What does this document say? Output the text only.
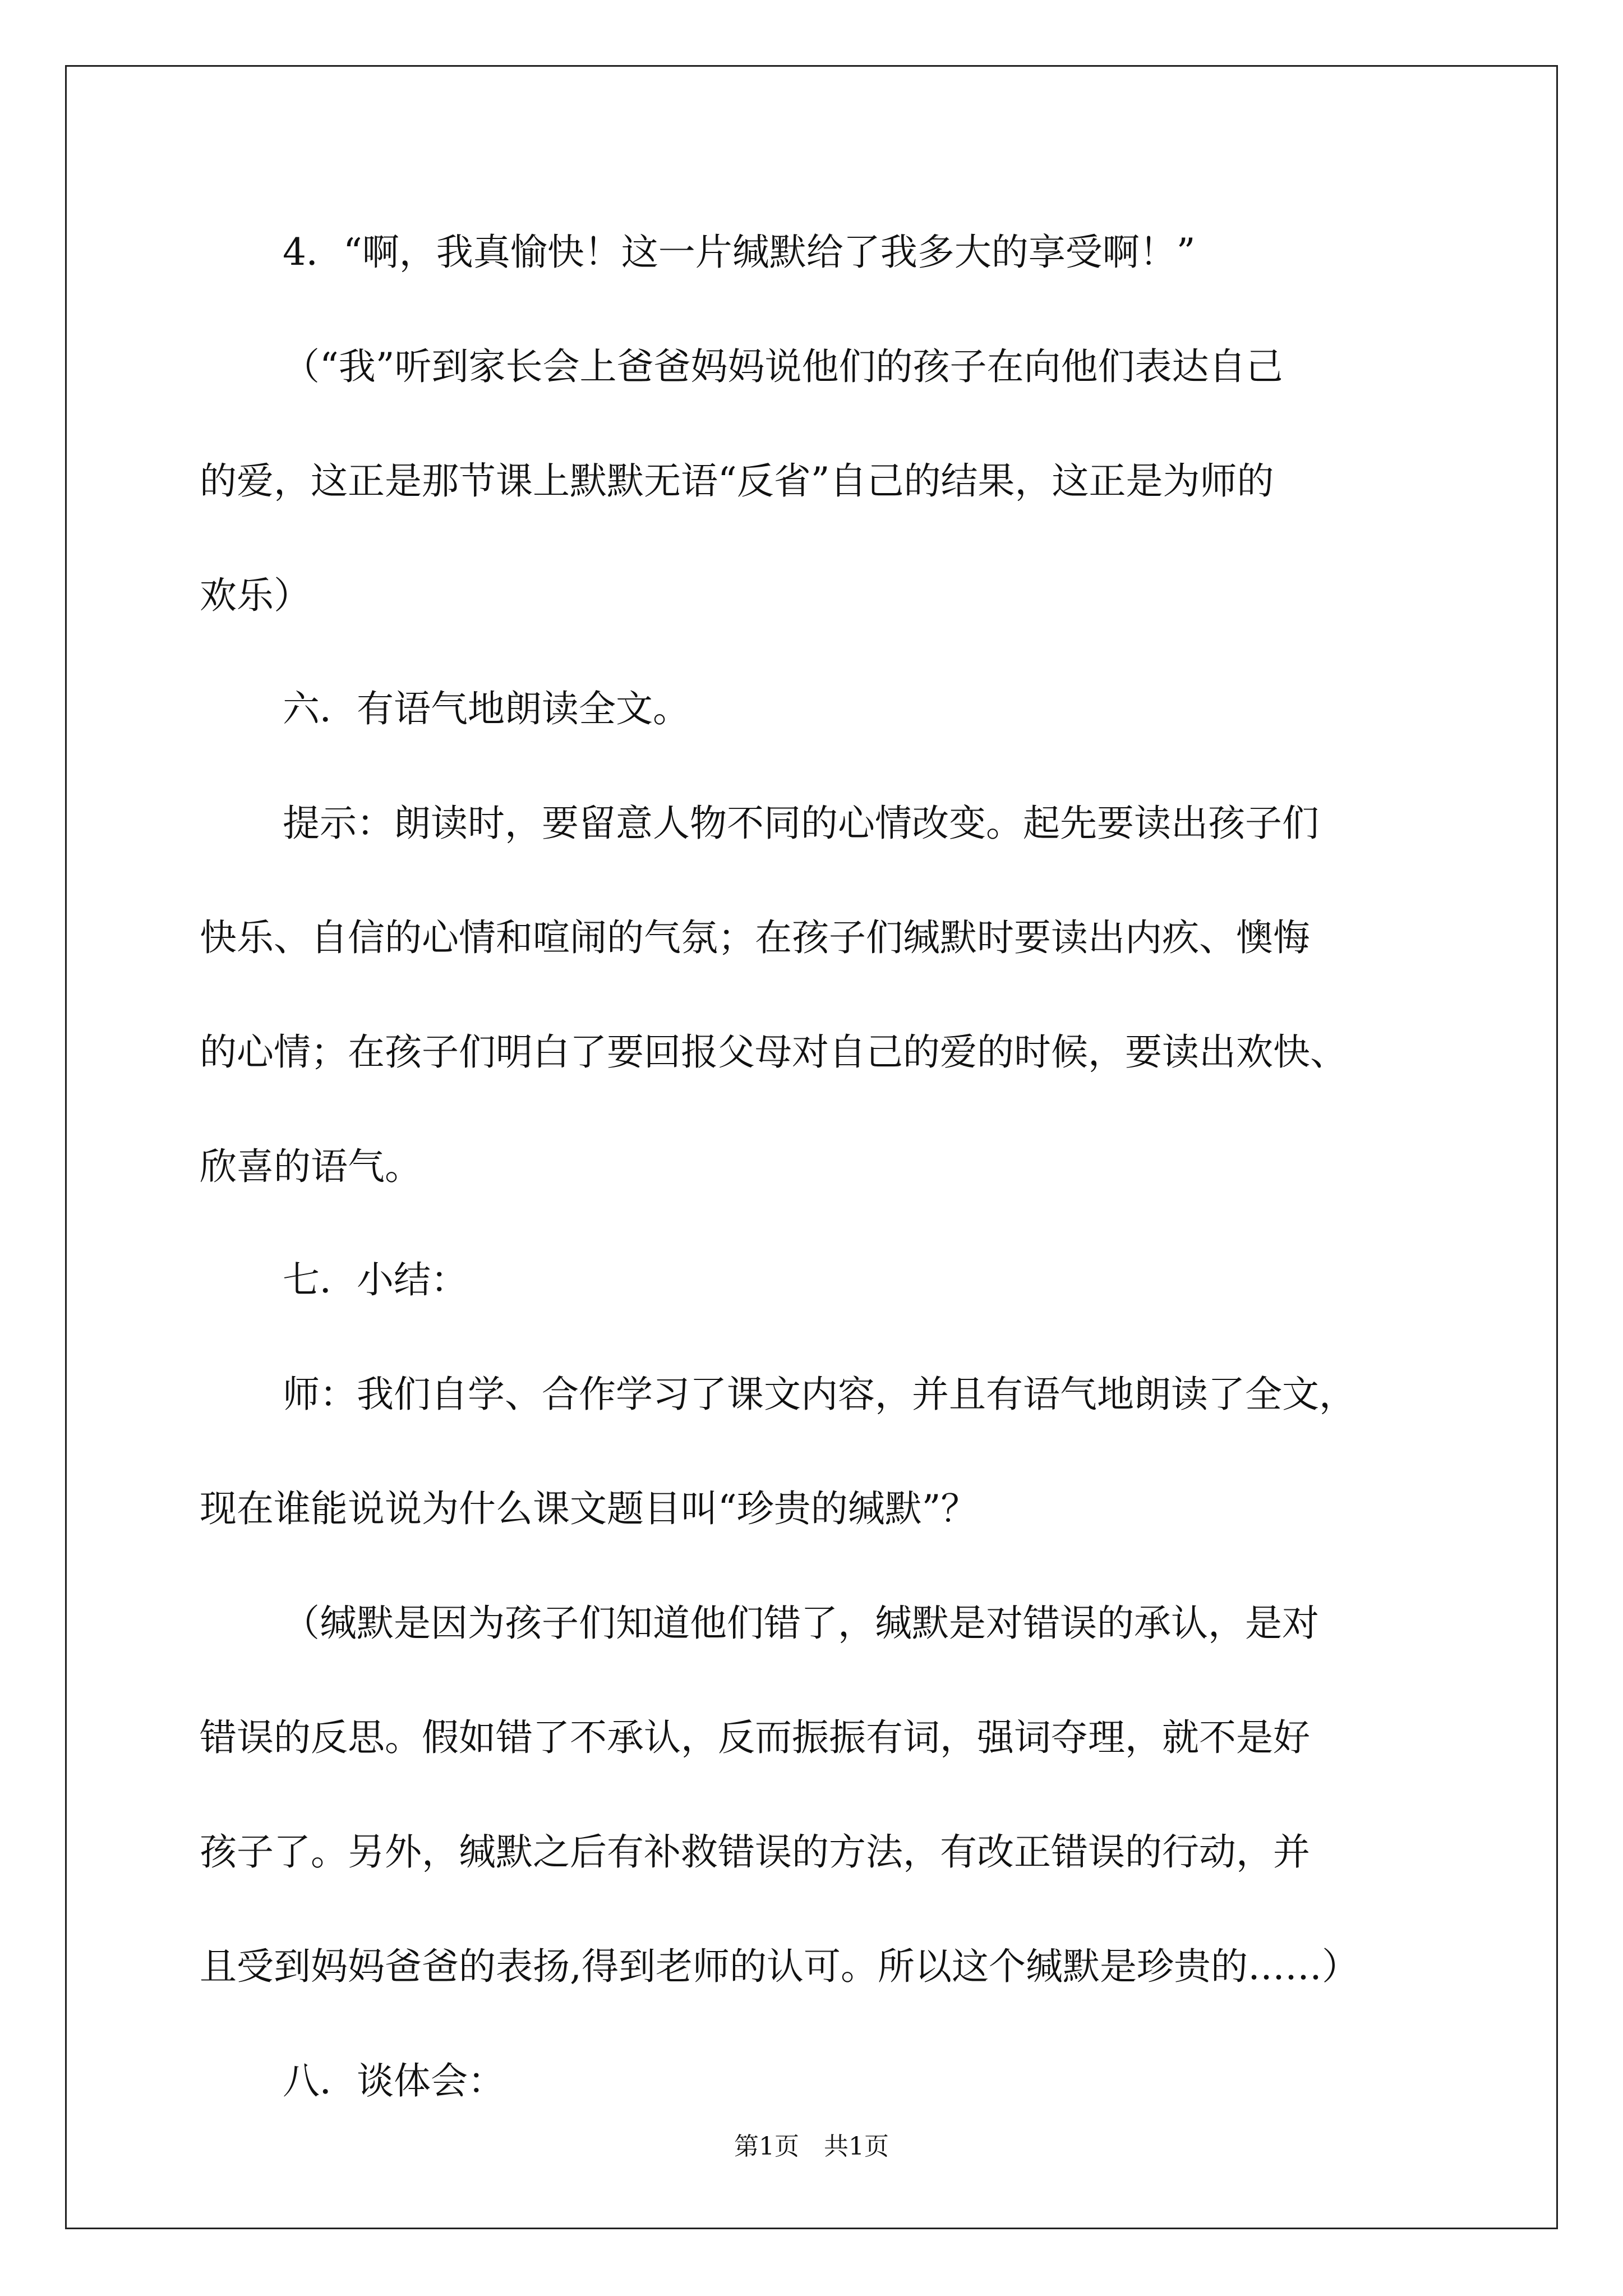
4．“啊，我真愉快！这一片缄默给了我多大的享受啊！”
（“我”听到家长会上爸爸妈妈说他们的孩子在向他们表达自己
的爱，这正是那节课上默默无语“反省”自己的结果，这正是为师的
欢乐）
六．有语气地朗读全文。
提示：朗读时，要留意人物不同的心情改变。起先要读出孩子们
快乐、自信的心情和喧闹的气氛；在孩子们缄默时要读出内疚、懊悔
的心情；在孩子们明白了要回报父母对自己的爱的时候，要读出欢快、
欣喜的语气。
七．小结：
师：我们自学、合作学习了课文内容，并且有语气地朗读了全文，
现在谁能说说为什么课文题目叫“珍贵的缄默”？
（缄默是因为孩子们知道他们错了，缄默是对错误的承认，是对
错误的反思。假如错了不承认，反而振振有词，强词夺理，就不是好
孩子了。另外，缄默之后有补救错误的方法，有改正错误的行动，并
且受到妈妈爸爸的表扬,得到老师的认可。所以这个缄默是珍贵的……）
八．谈体会：
第1页　共1页
